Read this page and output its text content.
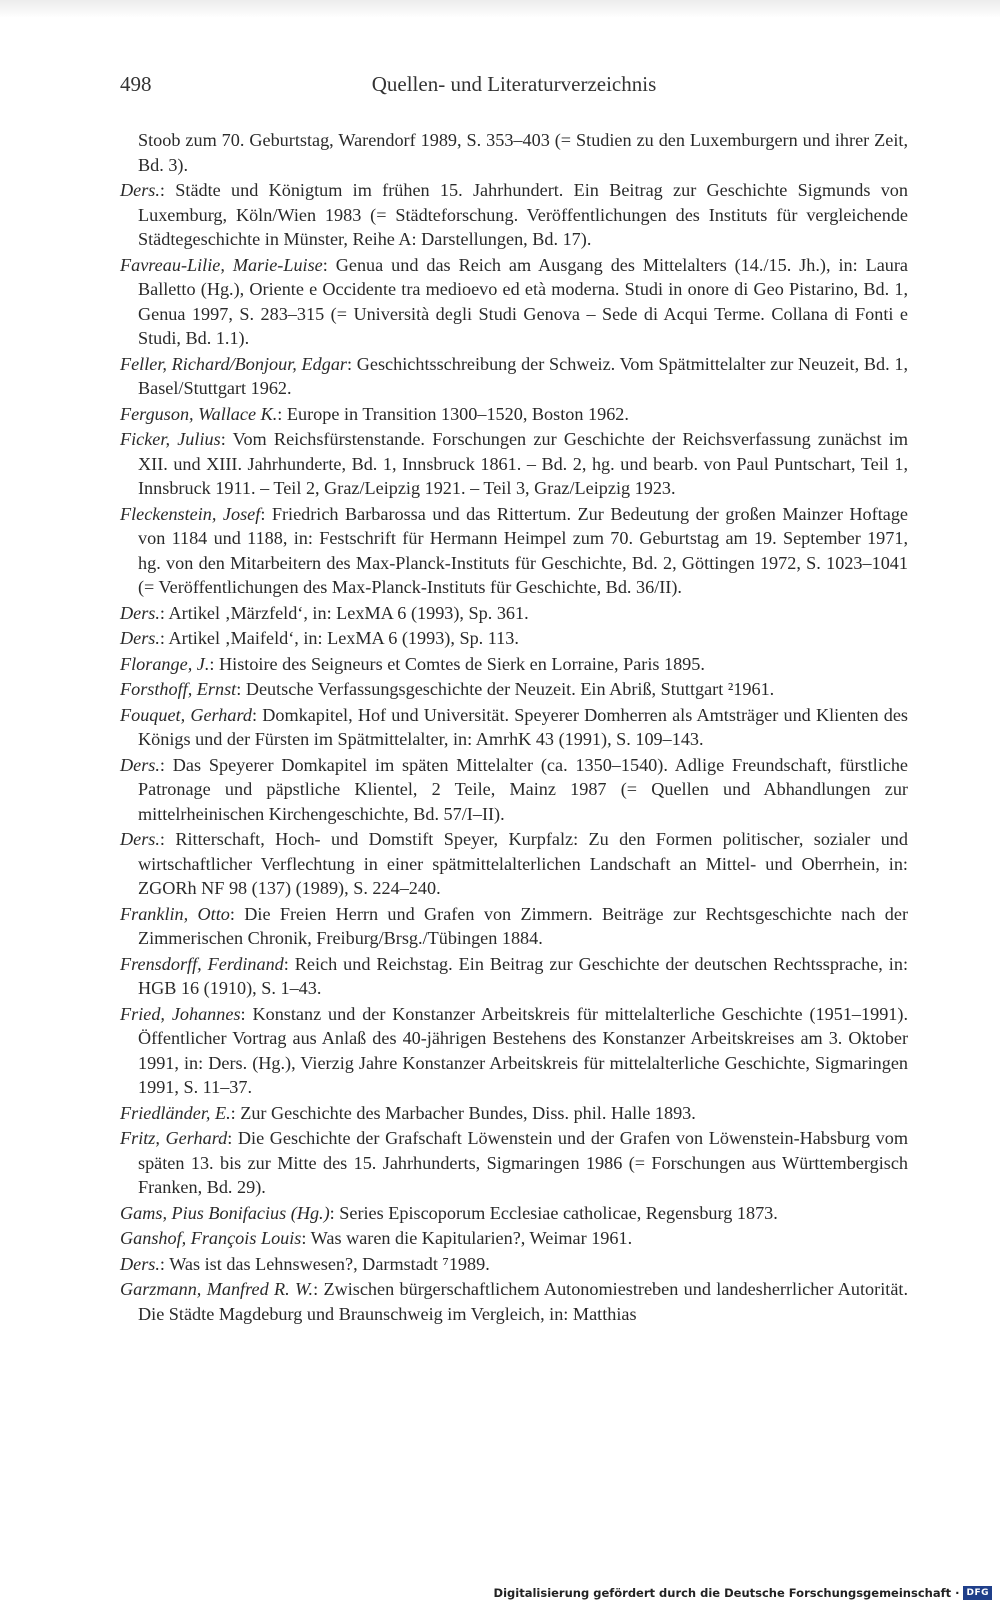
498	Quellen- und Literaturverzeichnis
Stoob zum 70. Geburtstag, Warendorf 1989, S. 353–403 (= Studien zu den Luxemburgern und ihrer Zeit, Bd. 3).
Ders.: Städte und Königtum im frühen 15. Jahrhundert. Ein Beitrag zur Geschichte Sigmunds von Luxemburg, Köln/Wien 1983 (= Städteforschung. Veröffentlichungen des Instituts für vergleichende Städtegeschichte in Münster, Reihe A: Darstellungen, Bd. 17).
Favreau-Lilie, Marie-Luise: Genua und das Reich am Ausgang des Mittelalters (14./15. Jh.), in: Laura Balletto (Hg.), Oriente e Occidente tra medioevo ed età moderna. Studi in onore di Geo Pistarino, Bd. 1, Genua 1997, S. 283–315 (= Università degli Studi Genova – Sede di Acqui Terme. Collana di Fonti e Studi, Bd. 1.1).
Feller, Richard/Bonjour, Edgar: Geschichtsschreibung der Schweiz. Vom Spätmittelalter zur Neuzeit, Bd. 1, Basel/Stuttgart 1962.
Ferguson, Wallace K.: Europe in Transition 1300–1520, Boston 1962.
Ficker, Julius: Vom Reichsfürstenstande. Forschungen zur Geschichte der Reichsverfassung zunächst im XII. und XIII. Jahrhunderte, Bd. 1, Innsbruck 1861. – Bd. 2, hg. und bearb. von Paul Puntschart, Teil 1, Innsbruck 1911. – Teil 2, Graz/Leipzig 1921. – Teil 3, Graz/Leipzig 1923.
Fleckenstein, Josef: Friedrich Barbarossa und das Rittertum. Zur Bedeutung der großen Mainzer Hoftage von 1184 und 1188, in: Festschrift für Hermann Heimpel zum 70. Geburtstag am 19. September 1971, hg. von den Mitarbeitern des Max-Planck-Instituts für Geschichte, Bd. 2, Göttingen 1972, S. 1023–1041 (= Veröffentlichungen des Max-Planck-Instituts für Geschichte, Bd. 36/II).
Ders.: Artikel ‚Märzfeld‘, in: LexMA 6 (1993), Sp. 361.
Ders.: Artikel ‚Maifeld‘, in: LexMA 6 (1993), Sp. 113.
Florange, J.: Histoire des Seigneurs et Comtes de Sierk en Lorraine, Paris 1895.
Forsthoff, Ernst: Deutsche Verfassungsgeschichte der Neuzeit. Ein Abriß, Stuttgart ²1961.
Fouquet, Gerhard: Domkapitel, Hof und Universität. Speyerer Domherren als Amtsträger und Klienten des Königs und der Fürsten im Spätmittelalter, in: AmrhK 43 (1991), S. 109–143.
Ders.: Das Speyerer Domkapitel im späten Mittelalter (ca. 1350–1540). Adlige Freundschaft, fürstliche Patronage und päpstliche Klientel, 2 Teile, Mainz 1987 (= Quellen und Abhandlungen zur mittelrheinischen Kirchengeschichte, Bd. 57/I–II).
Ders.: Ritterschaft, Hoch- und Domstift Speyer, Kurpfalz: Zu den Formen politischer, sozialer und wirtschaftlicher Verflechtung in einer spätmittelalterlichen Landschaft an Mittel- und Oberrhein, in: ZGORh NF 98 (137) (1989), S. 224–240.
Franklin, Otto: Die Freien Herrn und Grafen von Zimmern. Beiträge zur Rechtsgeschichte nach der Zimmerischen Chronik, Freiburg/Brsg./Tübingen 1884.
Frensdorff, Ferdinand: Reich und Reichstag. Ein Beitrag zur Geschichte der deutschen Rechtssprache, in: HGB 16 (1910), S. 1–43.
Fried, Johannes: Konstanz und der Konstanzer Arbeitskreis für mittelalterliche Geschichte (1951–1991). Öffentlicher Vortrag aus Anlaß des 40-jährigen Bestehens des Konstanzer Arbeitskreises am 3. Oktober 1991, in: Ders. (Hg.), Vierzig Jahre Konstanzer Arbeitskreis für mittelalterliche Geschichte, Sigmaringen 1991, S. 11–37.
Friedländer, E.: Zur Geschichte des Marbacher Bundes, Diss. phil. Halle 1893.
Fritz, Gerhard: Die Geschichte der Grafschaft Löwenstein und der Grafen von Löwenstein-Habsburg vom späten 13. bis zur Mitte des 15. Jahrhunderts, Sigmaringen 1986 (= Forschungen aus Württembergisch Franken, Bd. 29).
Gams, Pius Bonifacius (Hg.): Series Episcoporum Ecclesiae catholicae, Regensburg 1873.
Ganshof, François Louis: Was waren die Kapitularien?, Weimar 1961.
Ders.: Was ist das Lehnswesen?, Darmstadt ⁷1989.
Garzmann, Manfred R. W.: Zwischen bürgerschaftlichem Autonomiestreben und landesherrlicher Autorität. Die Städte Magdeburg und Braunschweig im Vergleich, in: Matthias
Digitalisierung gefördert durch die Deutsche Forschungsgemeinschaft · DFG
